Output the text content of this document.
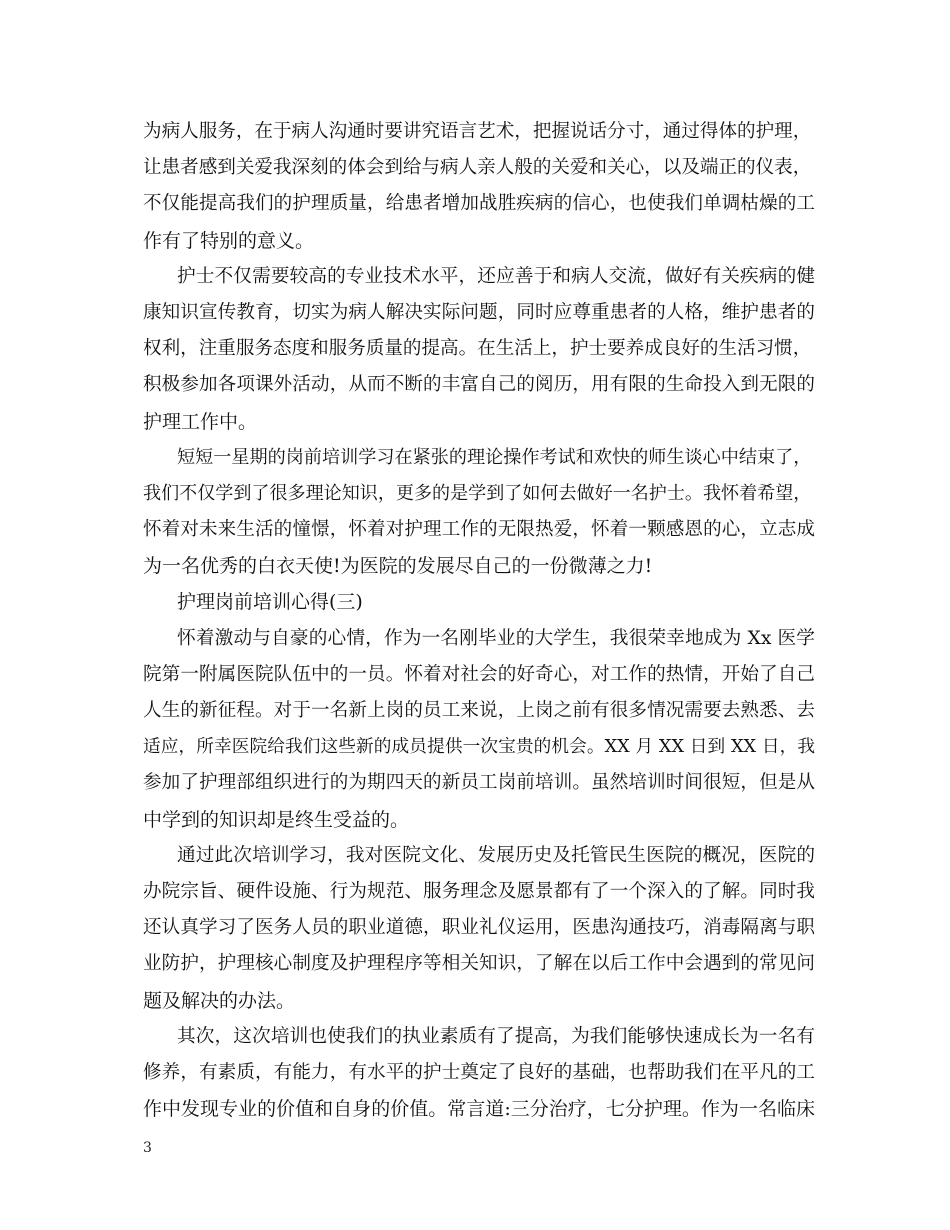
为病人服务，在于病人沟通时要讲究语言艺术，把握说话分寸，通过得体的护理，
让患者感到关爱我深刻的体会到给与病人亲人般的关爱和关心，以及端正的仪表，
不仅能提高我们的护理质量，给患者增加战胜疾病的信心，也使我们单调枯燥的工
作有了特别的意义。
护士不仅需要较高的专业技术水平，还应善于和病人交流，做好有关疾病的健
康知识宣传教育，切实为病人解决实际问题，同时应尊重患者的人格，维护患者的
权利，注重服务态度和服务质量的提高。在生活上，护士要养成良好的生活习惯，
积极参加各项课外活动，从而不断的丰富自己的阅历，用有限的生命投入到无限的
护理工作中。
短短一星期的岗前培训学习在紧张的理论操作考试和欢快的师生谈心中结束了，
我们不仅学到了很多理论知识，更多的是学到了如何去做好一名护士。我怀着希望，
怀着对未来生活的憧憬，怀着对护理工作的无限热爱，怀着一颗感恩的心，立志成
为一名优秀的白衣天使!为医院的发展尽自己的一份微薄之力!
护理岗前培训心得(三)
怀着激动与自豪的心情，作为一名刚毕业的大学生，我很荣幸地成为 Xx 医学
院第一附属医院队伍中的一员。怀着对社会的好奇心，对工作的热情，开始了自己
人生的新征程。对于一名新上岗的员工来说，上岗之前有很多情况需要去熟悉、去
适应，所幸医院给我们这些新的成员提供一次宝贵的机会。XX 月 XX 日到 XX 日，我
参加了护理部组织进行的为期四天的新员工岗前培训。虽然培训时间很短，但是从
中学到的知识却是终生受益的。
通过此次培训学习，我对医院文化、发展历史及托管民生医院的概况，医院的
办院宗旨、硬件设施、行为规范、服务理念及愿景都有了一个深入的了解。同时我
还认真学习了医务人员的职业道德，职业礼仪运用，医患沟通技巧，消毒隔离与职
业防护，护理核心制度及护理程序等相关知识，了解在以后工作中会遇到的常见问
题及解决的办法。
其次，这次培训也使我们的执业素质有了提高，为我们能够快速成长为一名有
修养，有素质，有能力，有水平的护士奠定了良好的基础，也帮助我们在平凡的工
作中发现专业的价值和自身的价值。常言道:三分治疗，七分护理。作为一名临床
3
